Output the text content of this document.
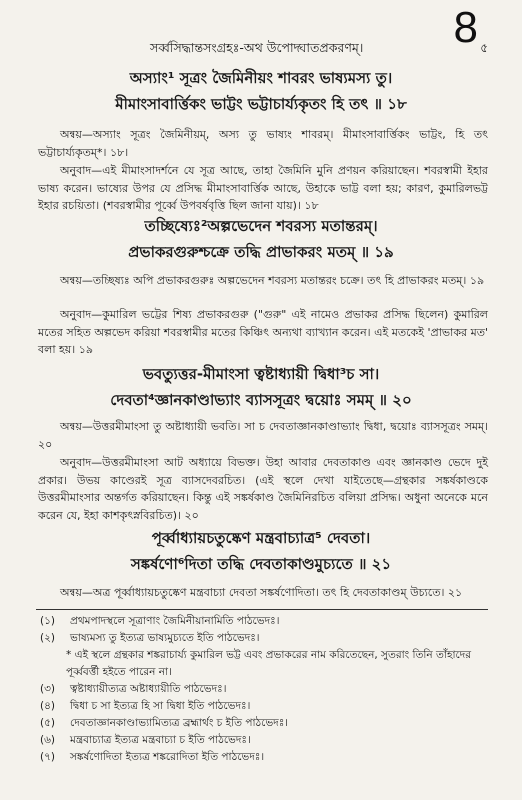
8
সর্ব্বসিদ্ধান্তসংগ্রহঃ-অথ উপোদ্ঘাতপ্রকরণম্।	৫
অস্যাং¹ সূত্রং জৈমিনীয়ং শাবরং ভাষ্যমস্য তু।
মীমাংসাবার্ত্তিকং ভাট্টং ভট্টাচার্য্যকৃতং হি তৎ ॥ ১৮

অন্বয়—অস্যাং সূত্রং জৈমিনীয়ম্, অস্য তু ভাষ্যং শাবরম্। মীমাংসাবার্ত্তিকং ভাট্টং, হি তৎ ভট্টাচার্য্যকৃতম্*। ১৮।

অনুবাদ—এই মীমাংসাদর্শনে যে সূত্র আছে, তাহা জৈমিনি মুনি প্রণয়ন করিয়াছেন। শবরস্বামী ইহার ভাষ্য করেন। ভাষ্যের উপর যে প্রসিদ্ধ মীমাংসাবার্ত্তিক আছে, উহাকে ভাট্ট বলা হয়; কারণ, কুমারিলভট্ট ইহার রচয়িতা। (শবরস্বামীর পূর্ব্বে উপবর্ষবৃত্তি ছিল জানা যায়)। ১৮

তচ্ছিষ্যেঃ²অল্পভেদেন শবরস্য মতান্তরম্।
প্রভাকরগুরুশ্চক্রে তদ্ধি প্রাভাকরং মতম্ ॥ ১৯

অন্বয়—তচ্ছিষ্যঃ অপি প্রভাকরগুরুঃ অল্পভেদেন শবরস্য মতান্তরং চক্রে। তৎ হি প্রাভাকরং মতম্। ১৯

অনুবাদ—কুমারিল ভট্টের শিষ্য প্রভাকরগুরু ("গুরু" এই নামেও প্রভাকর প্রসিদ্ধ ছিলেন) কুমারিল মতের সহিত অল্পভেদ করিয়া শবরস্বামীর মতের কিঞ্চিৎ অন্যথা ব্যাখ্যান করেন। এই মতকেই 'প্রাভাকর মত' বলা হয়। ১৯

ভবত্যুত্তর-মীমাংসা ত্বষ্টাধ্যায়ী দ্বিধা³চ সা।
দেবতা⁴জ্ঞানকাণ্ডাভ্যাং ব্যাসসূত্রং দ্বয়োঃ সমম্ ॥ ২০

অন্বয়—উত্তরমীমাংসা তু অষ্টাধ্যায়ী ভবতি। সা চ দেবতাজ্ঞানকাণ্ডাভ্যাং দ্বিধা, দ্বয়োঃ ব্যাসসূত্রং সমম্। ২০

অনুবাদ—উত্তরমীমাংসা আট অধ্যায়ে বিভক্ত। উহা আবার দেবতাকাণ্ড এবং জ্ঞানকাণ্ড ভেদে দুই প্রকার। উভয় কাণ্ডেরই সূত্র ব্যাসদেবরচিত। (এই স্থলে দেখা যাইতেছে—গ্রন্থকার সঙ্কর্ষকাণ্ডকে উত্তরমীমাংসার অন্তর্গত করিয়াছেন। কিন্তু এই সঙ্কর্ষকাণ্ড জৈমিনিরচিত বলিয়া প্রসিদ্ধ। অধুনা অনেকে মনে করেন যে, ইহা কাশকৃৎস্নবিরচিত)। ২০

পূর্ব্বাধ্যায়চতুষ্কেণ মন্ত্রবাচ্যাত্র⁵ দেবতা।
সঙ্কর্ষণো⁶দিতা তদ্ধি দেবতাকাণ্ডমুচ্যতে ॥ ২১

অন্বয়—অত্র পূর্ব্বাধ্যায়চতুষ্কেণ মন্ত্রবাচ্যা দেবতা সঙ্কর্ষণোদিতা। তৎ হি দেবতাকাণ্ডম্ উচ্যতে। ২১

(১) প্রথমপাদস্থলে সূত্রাণাং জৈমিনীয়ানামিতি পাঠভেদঃ।
(২) ভাষ্যমস্য তু ইত্যত্র ভাষ্যমুচ্যতে ইতি পাঠভেদঃ।
* এই স্থলে গ্রন্থকার শঙ্করাচার্য্য কুমারিল ভট্ট এবং প্রভাকরের নাম করিতেছেন, সুতরাং তিনি তাঁহাদের পূর্ব্ববর্ত্তী হইতে পারেন না।
(৩) ত্বষ্টাধ্যায়ীত্যত্র অষ্টাধ্যায়ীতি পাঠভেদঃ।
(৪) দ্বিধা চ সা ইত্যত্র হি সা দ্বিধা ইতি পাঠভেদঃ।
(৫) দেবতাজ্ঞানকাণ্ডাভ্যামিত্যত্র ব্রহ্মার্থং চ ইতি পাঠভেদঃ।
(৬) মন্ত্রবাচ্যাত্র ইত্যত্র মন্ত্রবাচ্যা চ ইতি পাঠভেদঃ।
(৭) সঙ্কর্ষণোদিতা ইত্যত্র শঙ্করোদিতা ইতি পাঠভেদঃ।
